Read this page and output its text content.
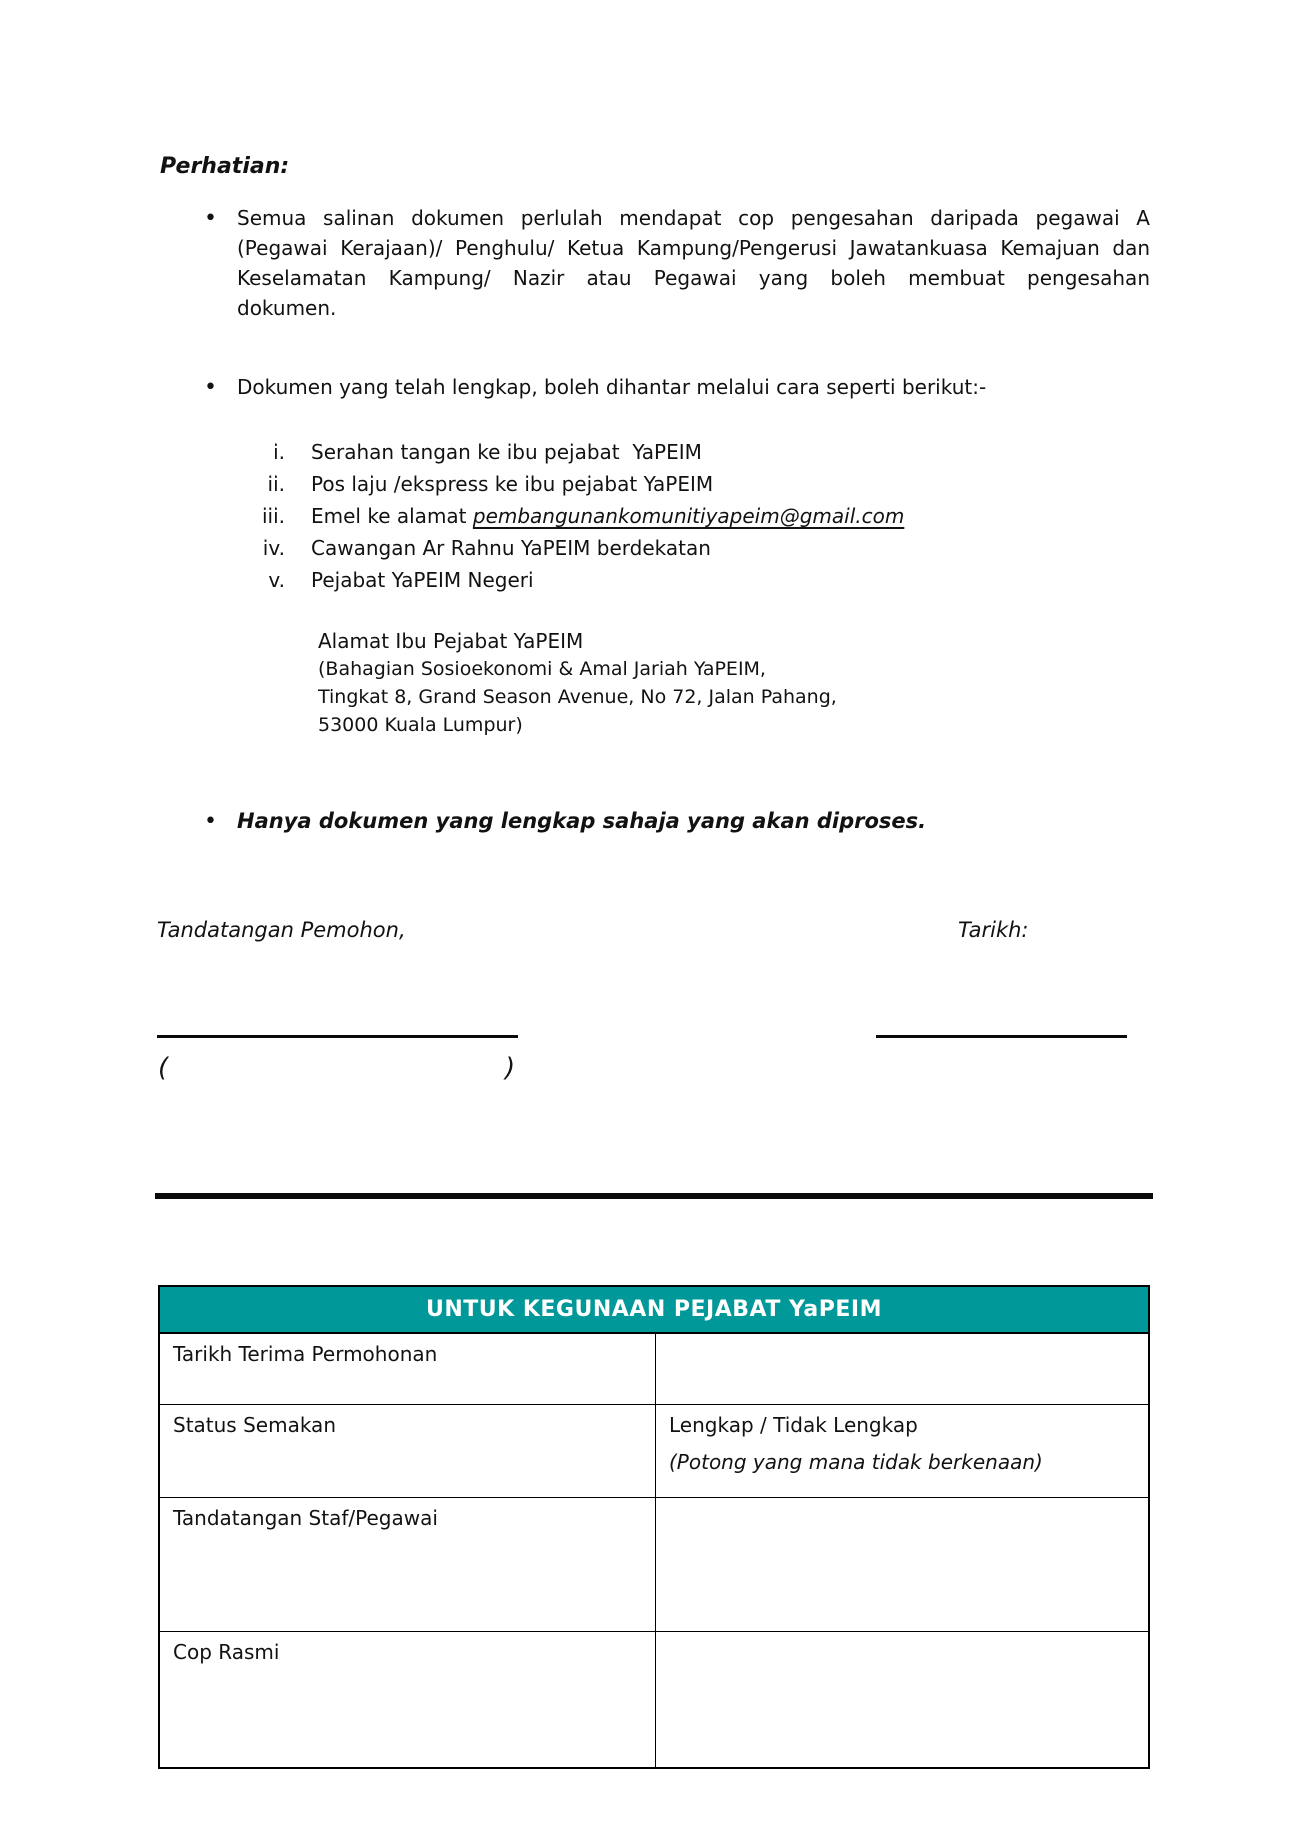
Perhatian:
• Semua salinan dokumen perlulah mendapat cop pengesahan daripada pegawai A (Pegawai Kerajaan)/ Penghulu/ Ketua Kampung/Pengerusi Jawatankuasa Kemajuan dan Keselamatan Kampung/ Nazir atau Pegawai yang boleh membuat pengesahan dokumen.
• Dokumen yang telah lengkap, boleh dihantar melalui cara seperti berikut:-
i. Serahan tangan ke ibu pejabat  YaPEIM
ii. Pos laju /ekspress ke ibu pejabat YaPEIM
iii. Emel ke alamat pembangunankomunitiyapeim@gmail.com
iv. Cawangan Ar Rahnu YaPEIM berdekatan
v. Pejabat YaPEIM Negeri
Alamat Ibu Pejabat YaPEIM
(Bahagian Sosioekonomi & Amal Jariah YaPEIM,
Tingkat 8, Grand Season Avenue, No 72, Jalan Pahang,
53000 Kuala Lumpur)
• Hanya dokumen yang lengkap sahaja yang akan diproses.
Tandatangan Pemohon,	Tarikh:
(	)
UNTUK KEGUNAAN PEJABAT YaPEIM
Tarikh Terima Permohonan
Status Semakan	Lengkap / Tidak Lengkap
(Potong yang mana tidak berkenaan)
Tandatangan Staf/Pegawai
Cop Rasmi
